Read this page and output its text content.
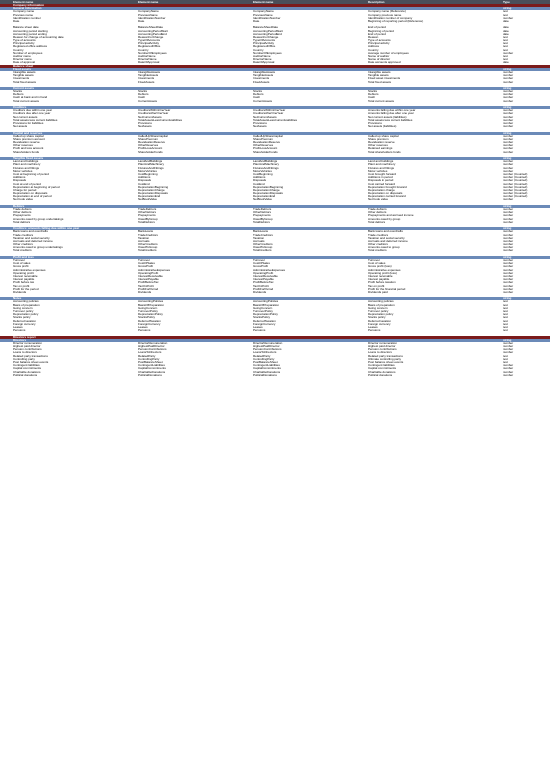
Element name	Element name	Element name	Description	Type
Company information
General information	string
Company name	CompanyName	CompanyName	Company name (Reference)	text
Previous name	PreviousName	PreviousName	Company previous name	text
Identification number	IdentificationNumber	IdentificationNumber	Identification number of company	number
Date	Date	Date	Beginning of reporting period (Reference)	date
Balance sheet date	BalanceSheetDate	BalanceSheetDate	End of period	date
Accounting period starting	AccountingPeriodStart	AccountingPeriodStart	Beginning of period	date
Accounting period ending	AccountingPeriodEnd	AccountingPeriodEnd	End of period	date
Reason for change of accounting date	ReasonForChange	ReasonForChange	Reason	text
Type of accounts	TypeOfAccounts	TypeOfAccounts	Type of accounts	text
Principal activity	PrincipalActivity	PrincipalActivity	Principal activity	text
Registered office address	RegisteredOffice	RegisteredOffice	Address	text
Country	Country	Country	Country	text
Number of employees	NumberOfEmployees	NumberOfEmployees	Average number of employees	number
Auditor name	AuditorName	AuditorName	Name of auditor	text
Director name	DirectorName	DirectorName	Name of director	text
Date of approval	DateOfApproval	DateOfApproval	Date accounts approved	date
Balance sheet
Fixed assets	string
Intangible assets	IntangibleAssets	IntangibleAssets	Intangible assets	number
Tangible assets	TangibleAssets	TangibleAssets	Tangible assets	number
Investments	Investments	Investments	Fixed asset investments	number
Total fixed assets	FixedAssets	FixedAssets	Total fixed assets	number
Current assets	string
Stocks	Stocks	Stocks	Stocks	number
Debtors	Debtors	Debtors	Debtors	number
Cash at bank and in hand	Cash	Cash	Cash	number
Total current assets	CurrentAssets	CurrentAssets	Total current assets	number
Creditors	string
Creditors due within one year	CreditorsWithinOneYear	CreditorsWithinOneYear	Amounts falling due within one year	number
Creditors due after one year	CreditorsAfterOneYear	CreditorsAfterOneYear	Amounts falling due after one year	number
Net current assets	NetCurrentAssets	NetCurrentAssets	Net current assets (liabilities)	number
Total assets less current liabilities	TotalAssetsLessCurrentLiabilities	TotalAssetsLessCurrentLiabilities	Total assets less current liabilities	number
Provisions for liabilities	Provisions	Provisions	Provisions	number
Net assets	NetAssets	NetAssets	Net assets (liabilities)	number
Capital and reserves	string
Called up share capital	CalledUpShareCapital	CalledUpShareCapital	Called up share capital	number
Share premium account	SharePremium	SharePremium	Share premium	number
Revaluation reserve	RevaluationReserve	RevaluationReserve	Revaluation reserve	number
Other reserves	OtherReserves	OtherReserves	Other reserves	number
Profit and loss account	ProfitLossAccount	ProfitLossAccount	Retained earnings	number
Shareholders funds	ShareholderFunds	ShareholderFunds	Total shareholders funds	number
Tangible fixed assets	string
Land and buildings	LandAndBuildings	LandAndBuildings	Land and buildings	number
Plant and machinery	PlantAndMachinery	PlantAndMachinery	Plant and machinery	number
Fixtures and fittings	FixturesAndFittings	FixturesAndFittings	Fixtures and fittings	number
Motor vehicles	MotorVehicles	MotorVehicles	Motor vehicles	number
Cost at beginning of period	CostBeginning	CostBeginning	Cost brought forward	number (Counted)
Additions	Additions	Additions	Additions in period	number (Counted)
Disposals	Disposals	Disposals	Disposals in period	number (Counted)
Cost at end of period	CostEnd	CostEnd	Cost carried forward	number (Counted)
Depreciation at beginning of period	DepreciationBeginning	DepreciationBeginning	Depreciation brought forward	number (Counted)
Charge for period	DepreciationCharge	DepreciationCharge	Depreciation charge	number (Counted)
Depreciation on disposals	DepreciationDisposals	DepreciationDisposals	Depreciation on disposals	number (Counted)
Depreciation at end of period	DepreciationEnd	DepreciationEnd	Depreciation carried forward	number (Counted)
Net book value	NetBookValue	NetBookValue	Net book value	number
Debtors	string
Trade debtors	TradeDebtors	TradeDebtors	Trade debtors	number
Other debtors	OtherDebtors	OtherDebtors	Other debtors	number
Prepayments	Prepayments	Prepayments	Prepayments and accrued income	number
Amounts owed by group undertakings	OwedByGroup	OwedByGroup	Amounts owed by group	number
Total debtors	TotalDebtors	TotalDebtors	Total debtors	number
Creditors: amounts falling due within one year	string
Bank loans and overdrafts	BankLoans	BankLoans	Bank loans and overdrafts	number
Trade creditors	TradeCreditors	TradeCreditors	Trade creditors	number
Taxation and social security	Taxation	Taxation	Taxation and social security	number
Accruals and deferred income	Accruals	Accruals	Accruals and deferred income	number
Other creditors	OtherCreditors	OtherCreditors	Other creditors	number
Amounts owed to group undertakings	OwedToGroup	OwedToGroup	Amounts owed to group	number
Total creditors	TotalCreditors	TotalCreditors	Total creditors	number
Profit and loss	string
Turnover	Turnover	Turnover	Turnover	number
Cost of sales	CostOfSales	CostOfSales	Cost of sales	number
Gross profit	GrossProfit	GrossProfit	Gross profit (loss)	number
Administrative expenses	AdministrativeExpenses	AdministrativeExpenses	Administrative expenses	number
Operating profit	OperatingProfit	OperatingProfit	Operating profit (loss)	number
Interest receivable	InterestReceivable	InterestReceivable	Interest receivable	number
Interest payable	InterestPayable	InterestPayable	Interest payable	number
Profit before tax	ProfitBeforeTax	ProfitBeforeTax	Profit before taxation	number
Tax on profit	TaxOnProfit	TaxOnProfit	Tax on profit	number
Profit for the period	ProfitForPeriod	ProfitForPeriod	Profit for the financial period	number
Dividends	Dividends	Dividends	Dividends paid	number
Notes	string
Accounting policies	AccountingPolicies	AccountingPolicies	Accounting policies	text
Basis of preparation	BasisOfPreparation	BasisOfPreparation	Basis of preparation	text
Going concern	GoingConcern	GoingConcern	Going concern	text
Turnover policy	TurnoverPolicy	TurnoverPolicy	Turnover policy	text
Depreciation policy	DepreciationPolicy	DepreciationPolicy	Depreciation policy	text
Stocks policy	StocksPolicy	StocksPolicy	Stocks policy	text
Deferred taxation	DeferredTaxation	DeferredTaxation	Deferred taxation	text
Foreign currency	ForeignCurrency	ForeignCurrency	Foreign currency	text
Leases	Leases	Leases	Leases	text
Pensions	Pensions	Pensions	Pensions	text
Directors report
Directors	string
Director remuneration	DirectorRemuneration	DirectorRemuneration	Director remuneration	number
Highest paid director	HighestPaidDirector	HighestPaidDirector	Highest paid director	number
Pension contributions	PensionContributions	PensionContributions	Pension contributions	number
Loans to directors	LoansToDirectors	LoansToDirectors	Loans to directors	number
Related party transactions	RelatedParty	RelatedParty	Related party transactions	text
Controlling party	ControllingParty	ControllingParty	Ultimate controlling party	text
Post balance sheet events	PostBalanceSheet	PostBalanceSheet	Post balance sheet events	text
Contingent liabilities	ContingentLiabilities	ContingentLiabilities	Contingent liabilities	number
Capital commitments	CapitalCommitments	CapitalCommitments	Capital commitments	number
Charitable donations	CharitableDonations	CharitableDonations	Charitable donations	number
Political donations	PoliticalDonations	PoliticalDonations	Political donations	number
